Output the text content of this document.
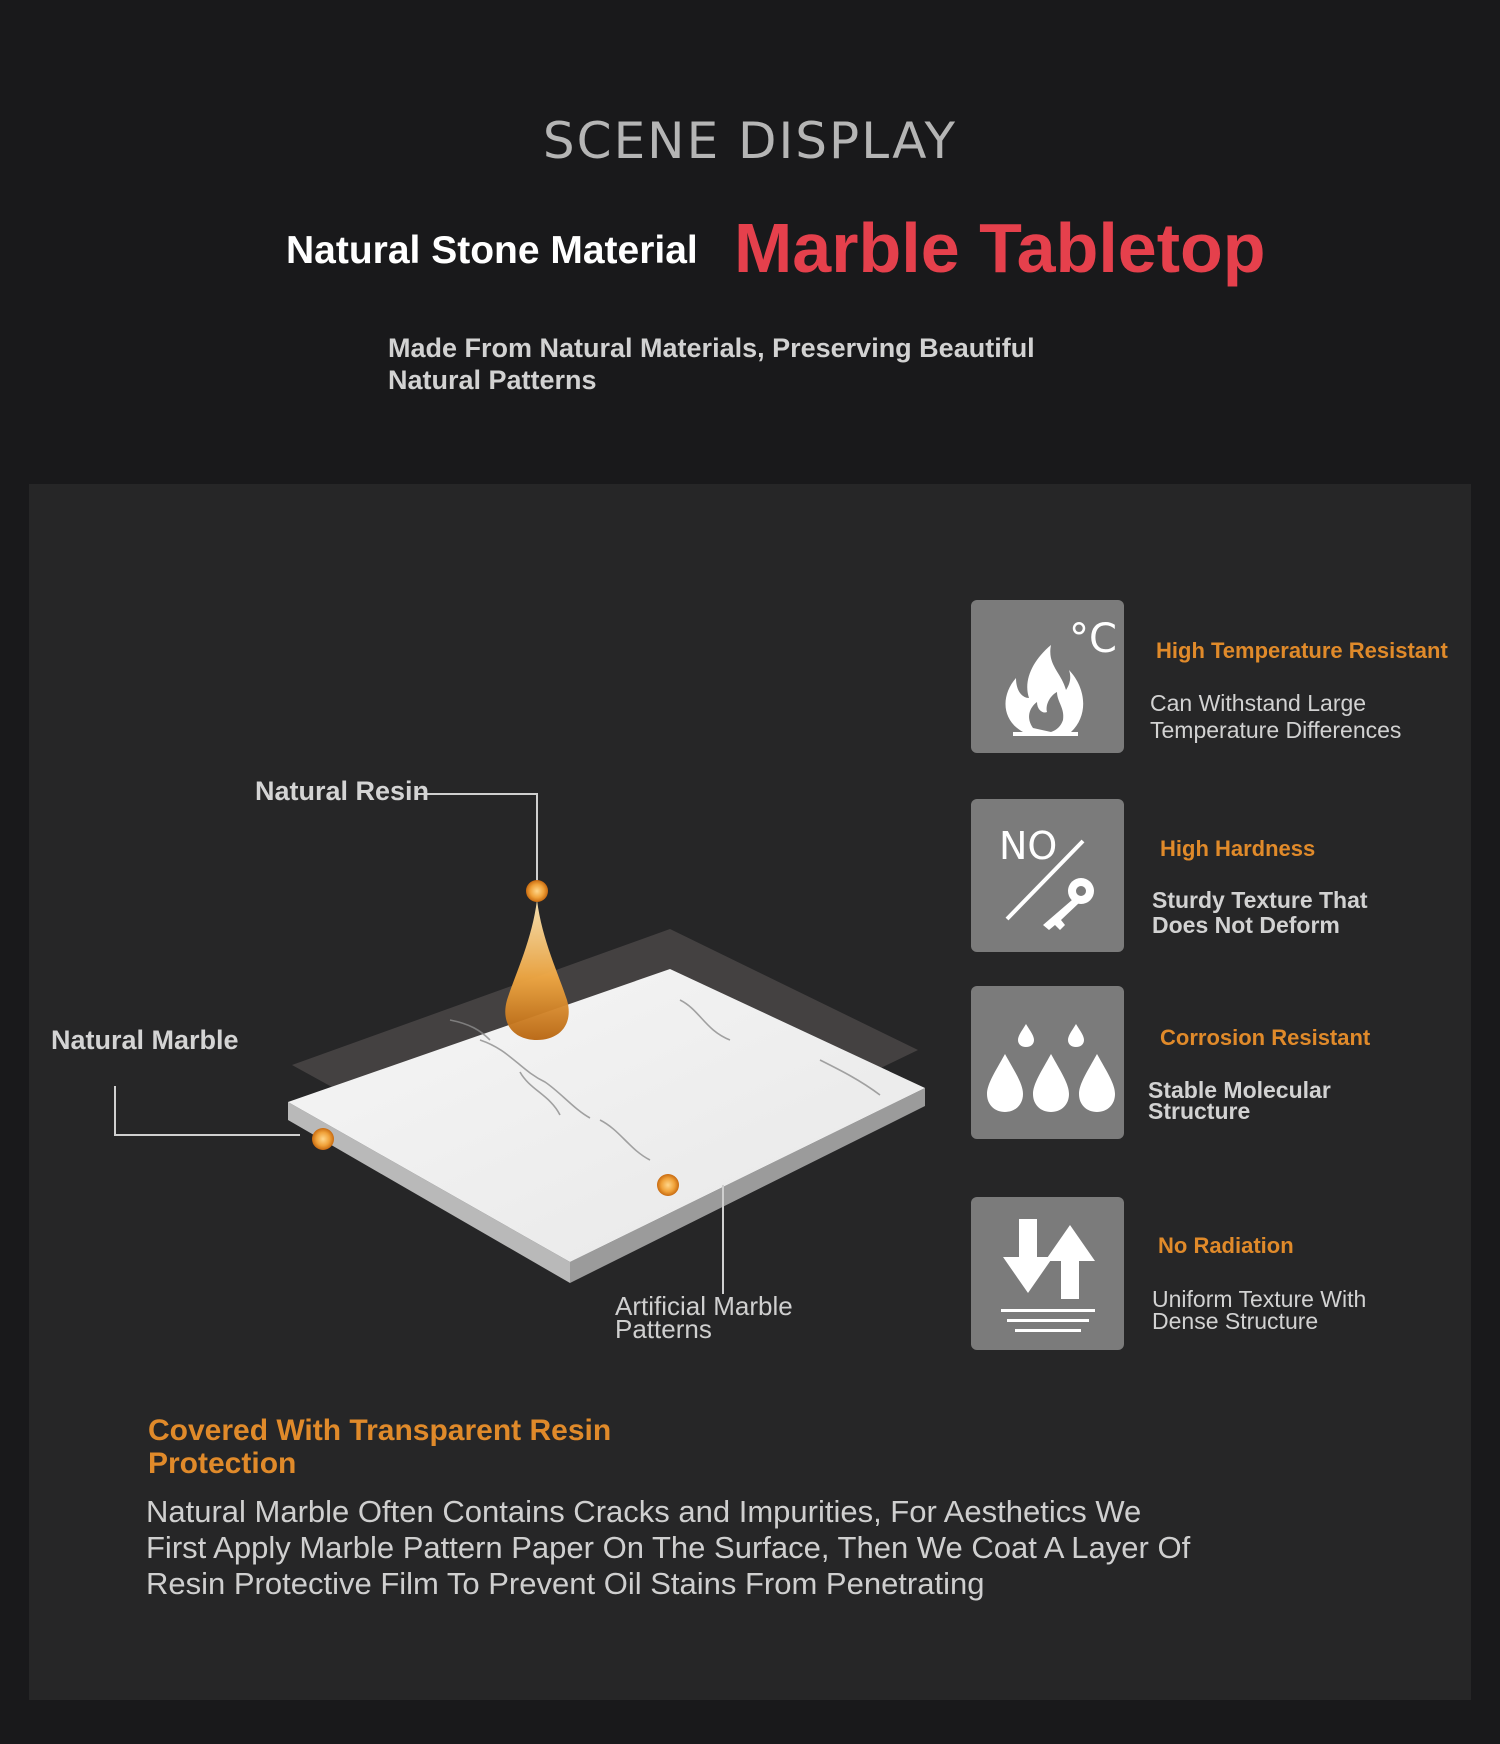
SCENE DISPLAY
Natural Stone Material Marble Tabletop
Made From Natural Materials, Preserving Beautiful
Natural Patterns
Natural Resin
Natural Marble
Artificial Marble
Patterns
°C High Temperature Resistant
Can Withstand Large
Temperature Differences
NO	High Hardness
Sturdy Texture That
Does Not Deform
Corrosion Resistant
Stable Molecular
Structure
No Radiation
Uniform Texture With
Dense Structure
Covered With Transparent Resin
Protection
Natural Marble Often Contains Cracks and Impurities, For Aesthetics We
First Apply Marble Pattern Paper On The Surface, Then We Coat A Layer Of
Resin Protective Film To Prevent Oil Stains From Penetrating
